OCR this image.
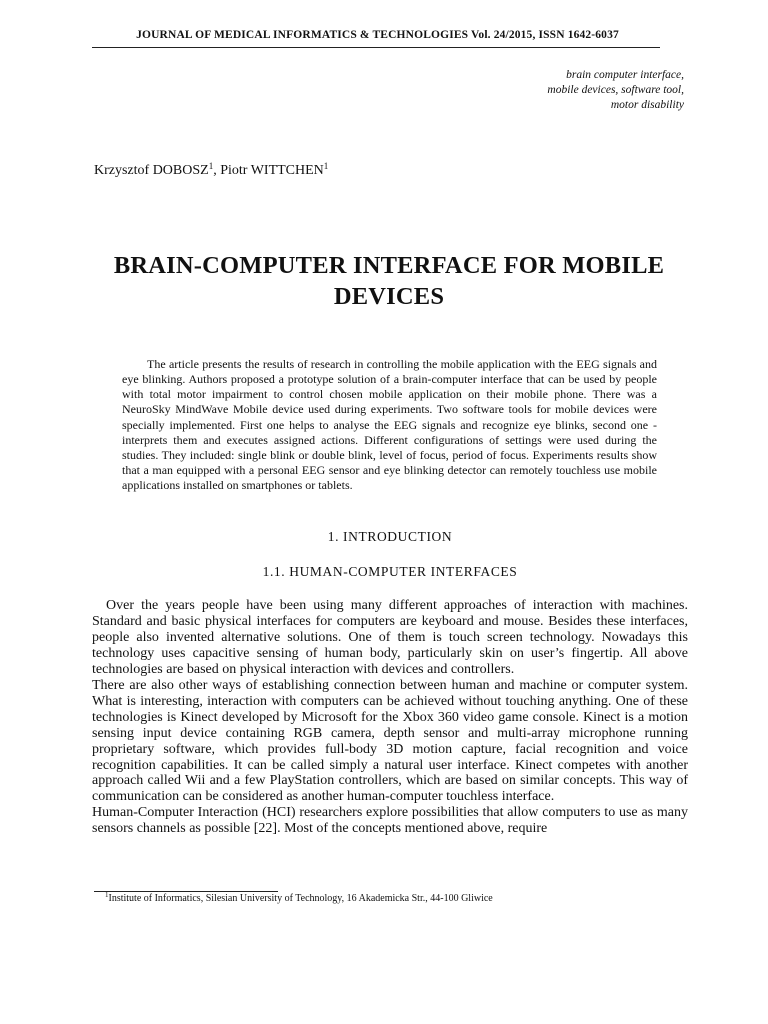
JOURNAL OF MEDICAL INFORMATICS & TECHNOLOGIES Vol. 24/2015, ISSN 1642-6037
brain computer interface,
mobile devices, software tool,
motor disability
Krzysztof DOBOSZ$^1$, Piotr WITTCHEN$^1$
BRAIN-COMPUTER INTERFACE FOR MOBILE
DEVICES
The article presents the results of research in controlling the mobile application with the EEG signals and eye blinking. Authors proposed a prototype solution of a brain-computer interface that can be used by people with total motor impairment to control chosen mobile application on their mobile phone. There was a NeuroSky MindWave Mobile device used during experiments. Two software tools for mobile devices were specially implemented. First one helps to analyse the EEG signals and recognize eye blinks, second one - interprets them and executes assigned actions. Different configurations of settings were used during the studies. They included: single blink or double blink, level of focus, period of focus. Experiments results show that a man equipped with a personal EEG sensor and eye blinking detector can remotely touchless use mobile applications installed on smartphones or tablets.
1. INTRODUCTION
1.1. HUMAN-COMPUTER INTERFACES

Over the years people have been using many different approaches of interaction with machines. Standard and basic physical interfaces for computers are keyboard and mouse. Besides these interfaces, people also invented alternative solutions. One of them is touch screen technology. Nowadays this technology uses capacitive sensing of human body, particularly skin on user’s fingertip. All above technologies are based on physical interaction with devices and controllers.

There are also other ways of establishing connection between human and machine or computer system. What is interesting, interaction with computers can be achieved without touching anything. One of these technologies is Kinect developed by Microsoft for the Xbox 360 video game console. Kinect is a motion sensing input device containing RGB camera, depth sensor and multi-array microphone running proprietary software, which provides full-body 3D motion capture, facial recognition and voice recognition capabilities. It can be called simply a natural user interface. Kinect competes with another approach called Wii and a few PlayStation controllers, which are based on similar concepts. This way of communication can be considered as another human-computer touchless interface.

Human-Computer Interaction (HCI) researchers explore possibilities that allow computers to use as many sensors channels as possible [22]. Most of the concepts mentioned above, require

$^1$Institute of Informatics, Silesian University of Technology, 16 Akademicka Str., 44-100 Gliwice
